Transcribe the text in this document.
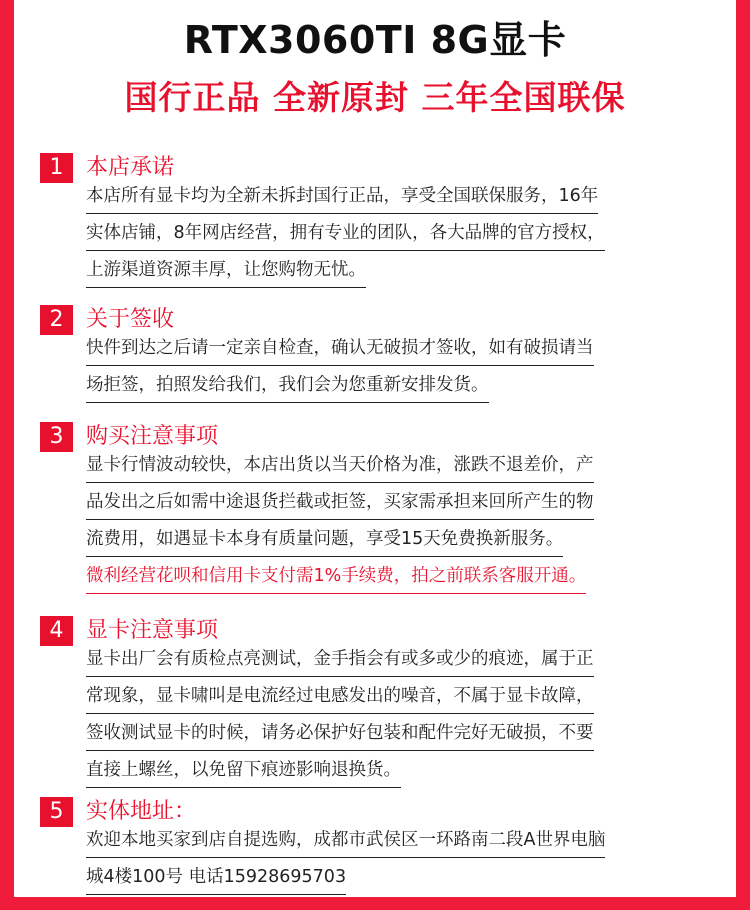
RTX3060TI 8G显卡
国行正品 全新原封 三年全国联保
1	本店承诺
本店所有显卡均为全新未拆封国行正品，享受全国联保服务，16年
实体店铺，8年网店经营，拥有专业的团队，各大品牌的官方授权，
上游渠道资源丰厚，让您购物无忧。
2	关于签收
快件到达之后请一定亲自检查，确认无破损才签收，如有破损请当
场拒签，拍照发给我们，我们会为您重新安排发货。
3	购买注意事项
显卡行情波动较快，本店出货以当天价格为准，涨跌不退差价，产
品发出之后如需中途退货拦截或拒签，买家需承担来回所产生的物
流费用，如遇显卡本身有质量问题，享受15天免费换新服务。
微利经营花呗和信用卡支付需1%手续费，拍之前联系客服开通。
4	显卡注意事项
显卡出厂会有质检点亮测试，金手指会有或多或少的痕迹，属于正
常现象，显卡啸叫是电流经过电感发出的噪音，不属于显卡故障，
签收测试显卡的时候，请务必保护好包装和配件完好无破损，不要
直接上螺丝，以免留下痕迹影响退换货。
5	实体地址：
欢迎本地买家到店自提选购，成都市武侯区一环路南二段A世界电脑
城4楼100号 电话15928695703
